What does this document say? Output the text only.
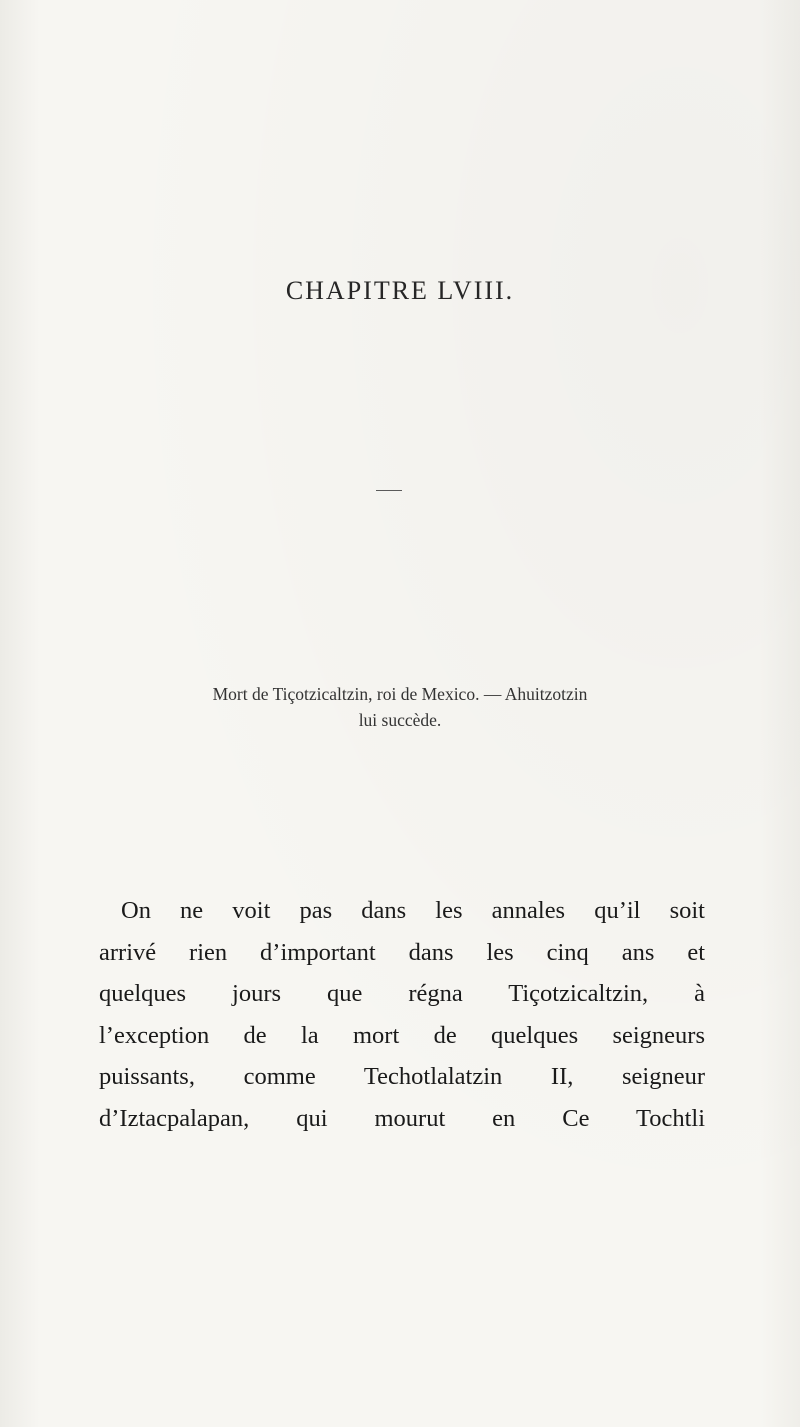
CHAPITRE LVIII.
Mort de Tiçotzicaltzin, roi de Mexico. — Ahuitzotzin
lui succède.
On ne voit pas dans les annales qu’il soit
arrivé rien d’important dans les cinq ans et
quelques jours que régna Tiçotzicaltzin, à
l’exception de la mort de quelques seigneurs
puissants, comme Techotlalatzin II, seigneur
d’Iztacpalapan, qui mourut en Ce Tochtli
